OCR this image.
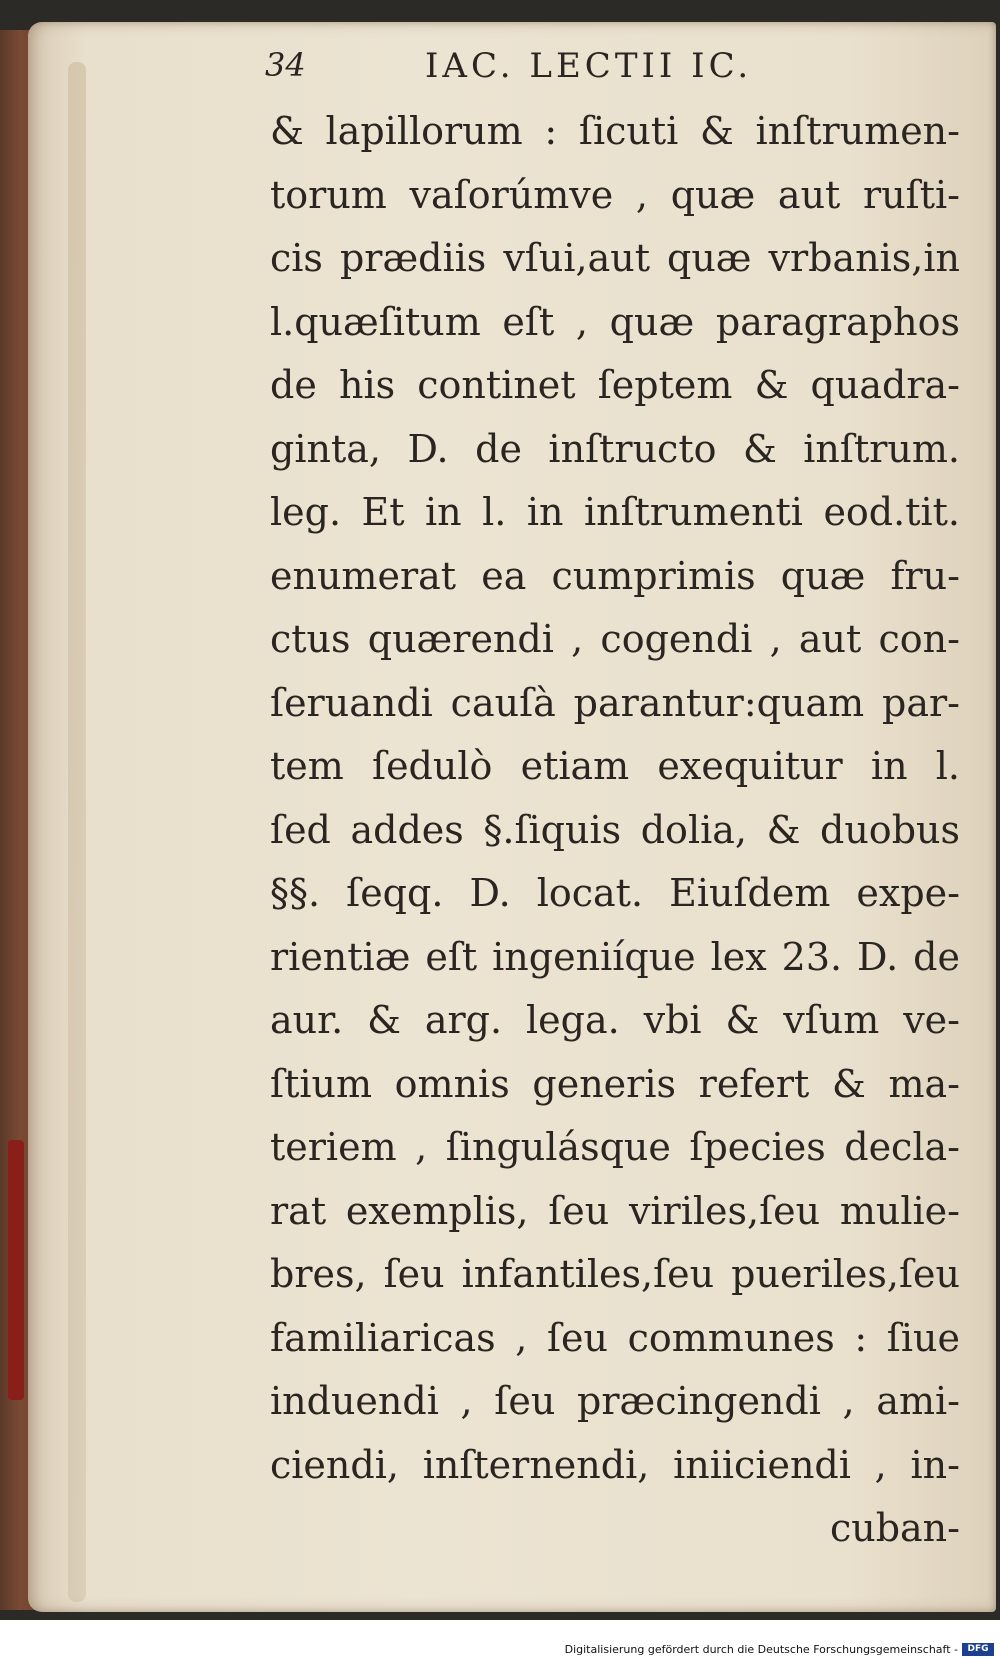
34	IAC. LECTII IC.
& lapillorum : ſicuti & inſtrumen-
torum vaſorúmve , quæ aut ruſti-
cis prædiis vſui,aut quæ vrbanis,in
l.quæſitum eſt , quæ paragraphos
de his continet ſeptem & quadra-
ginta, D. de inſtructo & inſtrum.
leg. Et in l. in inſtrumenti eod.tit.
enumerat ea cumprimis quæ fru-
ctus quærendi , cogendi , aut con-
ſeruandi cauſà parantur:quam par-
tem ſedulò etiam exequitur in l.
ſed addes §.ſiquis dolia, & duobus
§§. ſeqq. D. locat. Eiuſdem expe-
rientiæ eſt ingeniíque lex 23. D. de
aur. & arg. lega. vbi & vſum ve-
ſtium omnis generis refert & ma-
teriem , ſingulásque ſpecies decla-
rat exemplis, ſeu viriles,ſeu mulie-
bres, ſeu infantiles,ſeu pueriles,ſeu
familiaricas , ſeu communes : ſiue
induendi , ſeu præcingendi , ami-
ciendi, inſternendi, iniiciendi , in-
cuban-
Digitalisierung gefördert durch die Deutsche Forschungsgemeinschaft -	DFG
